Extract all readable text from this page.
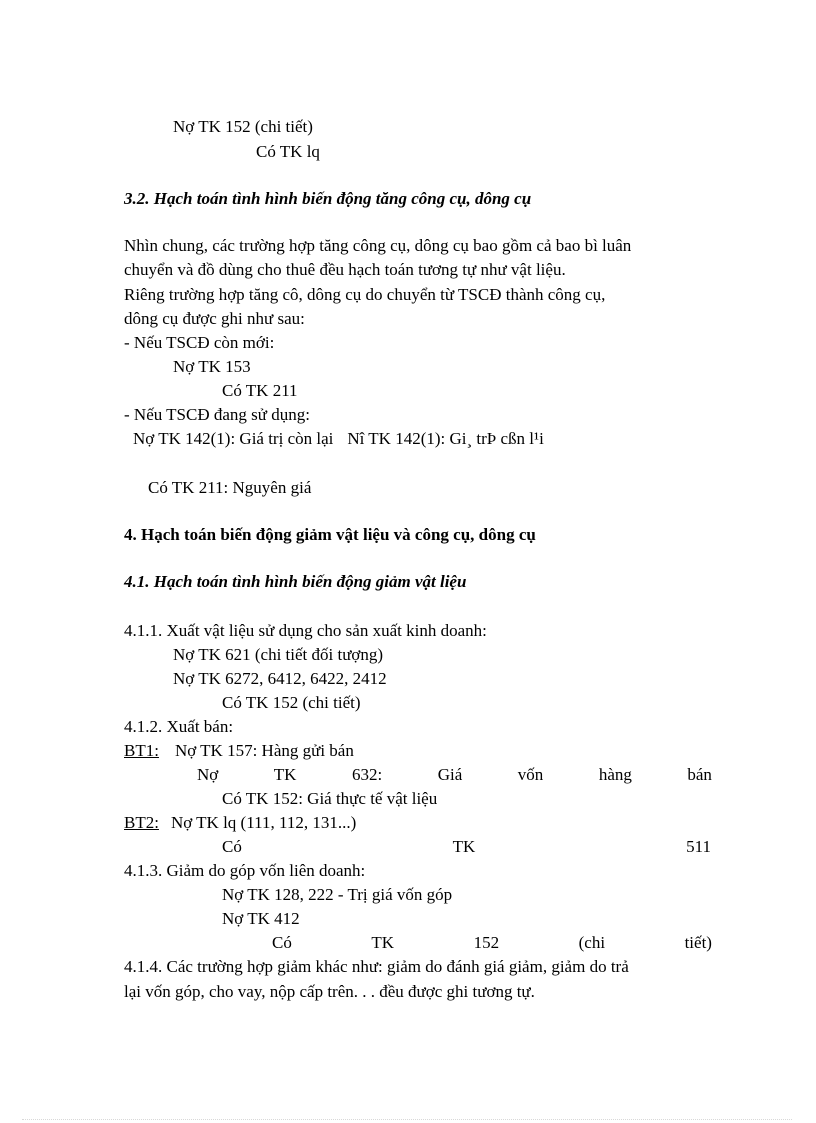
Nợ TK 152 (chi tiết)
Có TK lq
3.2. Hạch toán tình hình biến động tăng công cụ, dông cụ
Nhìn chung, các trường hợp tăng công cụ, dông cụ bao gồm cả bao bì luân
chuyển và đồ dùng cho thuê đều hạch toán tương tự như vật liệu.
Riêng trường hợp tăng cô, dông cụ do chuyển từ TSCĐ thành công cụ,
dông cụ được ghi như sau:
- Nếu TSCĐ còn mới:
Nợ TK 153
Có TK 211
- Nếu TSCĐ đang sử dụng:
Nợ TK 142(1): Giá trị còn lại Nî TK 142(1): Gi¸ trÞ cßn l¹i
Có TK 211: Nguyên giá
4. Hạch toán biến động giảm vật liệu và công cụ, dông cụ
4.1. Hạch toán tình hình biến động giảm vật liệu
4.1.1. Xuất vật liệu sử dụng cho sản xuất kinh doanh:
Nợ TK 621 (chi tiết đối tượng)
Nợ TK 6272, 6412, 6422, 2412
Có TK 152 (chi tiết)
4.1.2. Xuất bán:
BT1: Nợ TK 157: Hàng gửi bán
Nợ	TK	632:	Giá	vốn	hàng	bán
Có TK 152: Giá thực tế vật liệu
BT2: Nợ TK lq (111, 112, 131...)
Có	TK	511
4.1.3. Giảm do góp vốn liên doanh:
Nợ TK 128, 222 - Trị giá vốn góp
Nợ TK 412
Có	TK	152	(chi	tiết)
4.1.4. Các trường hợp giảm khác như: giảm do đánh giá giảm, giảm do trả
lại vốn góp, cho vay, nộp cấp trên. . . đều được ghi tương tự.
